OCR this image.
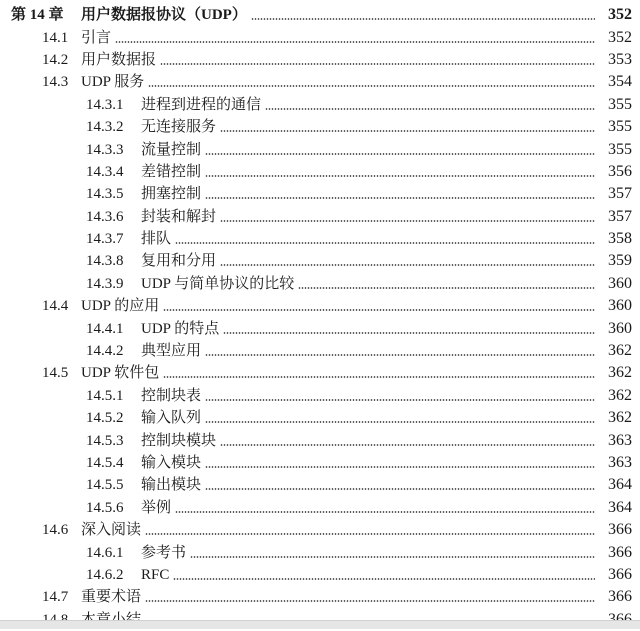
第 14 章	用户数据报协议（UDP）	352
14.1 引言	352
14.2 用户数据报	353
14.3 UDP 服务	354
14.3.1	进程到进程的通信	355
14.3.2	无连接服务	355
14.3.3	流量控制	355
14.3.4	差错控制	356
14.3.5	拥塞控制	357
14.3.6	封装和解封	357
14.3.7	排队	358
14.3.8	复用和分用	359
14.3.9	UDP 与简单协议的比较	360
14.4 UDP 的应用	360
14.4.1	UDP 的特点	360
14.4.2	典型应用	362
14.5 UDP 软件包	362
14.5.1	控制块表	362
14.5.2	输入队列	362
14.5.3	控制块模块	363
14.5.4	输入模块	363
14.5.5	输出模块	364
14.5.6	举例	364
14.6 深入阅读	366
14.6.1	参考书	366
14.6.2	RFC	366
14.7 重要术语	366
